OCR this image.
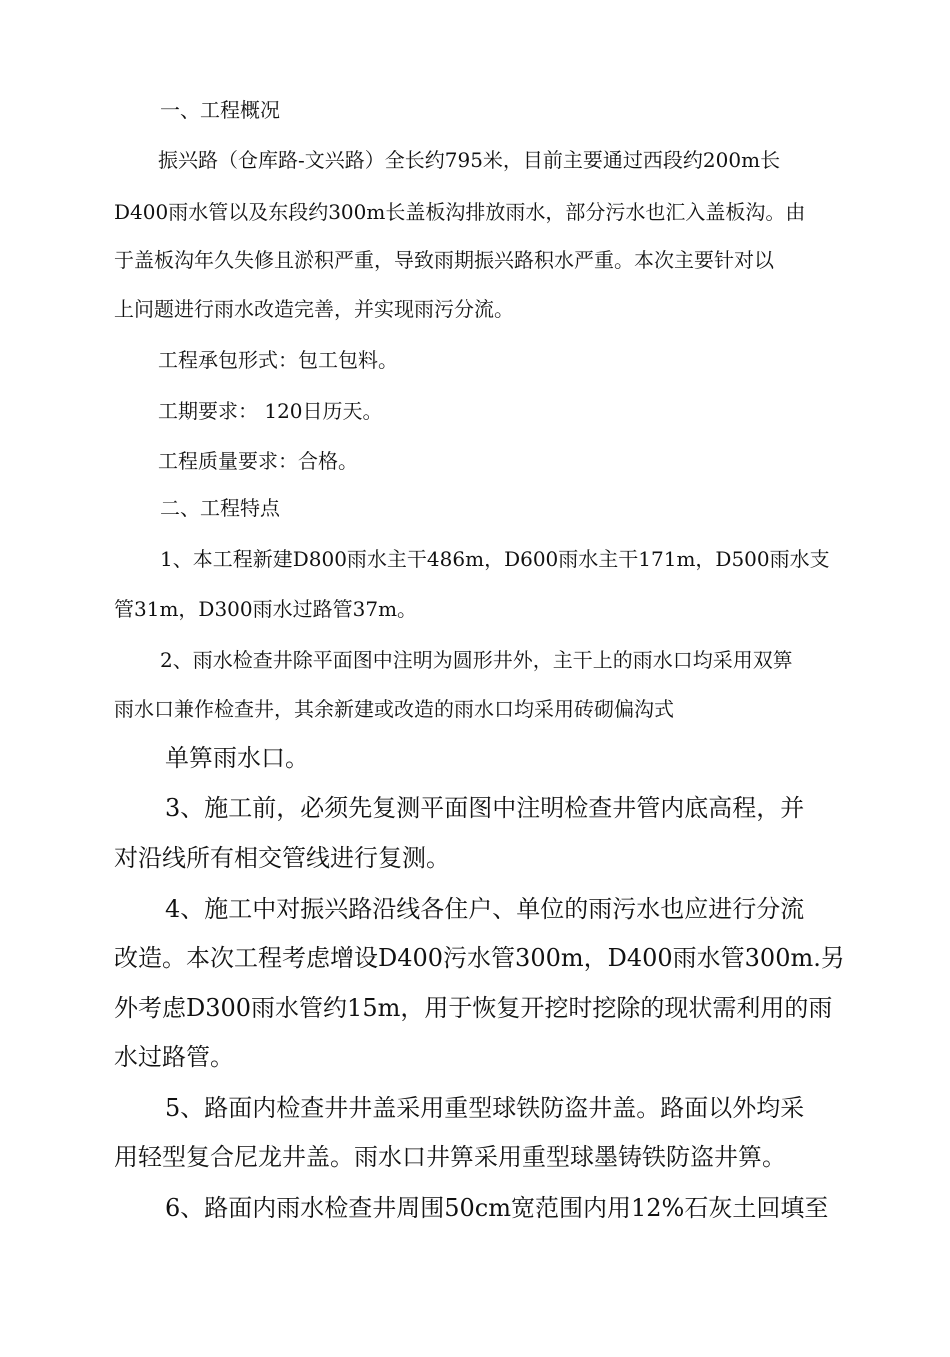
一、工程概况
振兴路（仓库路-文兴路）全长约795米，目前主要通过西段约200m长
D400雨水管以及东段约300m长盖板沟排放雨水，部分污水也汇入盖板沟。由
于盖板沟年久失修且淤积严重，导致雨期振兴路积水严重。本次主要针对以
上问题进行雨水改造完善，并实现雨污分流。
工程承包形式：包工包料。
工期要求： 120日历天。
工程质量要求：合格。
二、工程特点
1、本工程新建D800雨水主干486m，D600雨水主干171m，D500雨水支
管31m，D300雨水过路管37m。
2、雨水检查井除平面图中注明为圆形井外，主干上的雨水口均采用双箅
雨水口兼作检查井，其余新建或改造的雨水口均采用砖砌偏沟式
单箅雨水口。
3、施工前，必须先复测平面图中注明检查井管内底高程，并
对沿线所有相交管线进行复测。
4、施工中对振兴路沿线各住户、单位的雨污水也应进行分流
改造。本次工程考虑增设D400污水管300m，D400雨水管300m.另
外考虑D300雨水管约15m，用于恢复开挖时挖除的现状需利用的雨
水过路管。
5、路面内检查井井盖采用重型球铁防盗井盖。路面以外均采
用轻型复合尼龙井盖。雨水口井箅采用重型球墨铸铁防盗井箅。
6、路面内雨水检查井周围50cm宽范围内用12%石灰土回填至
